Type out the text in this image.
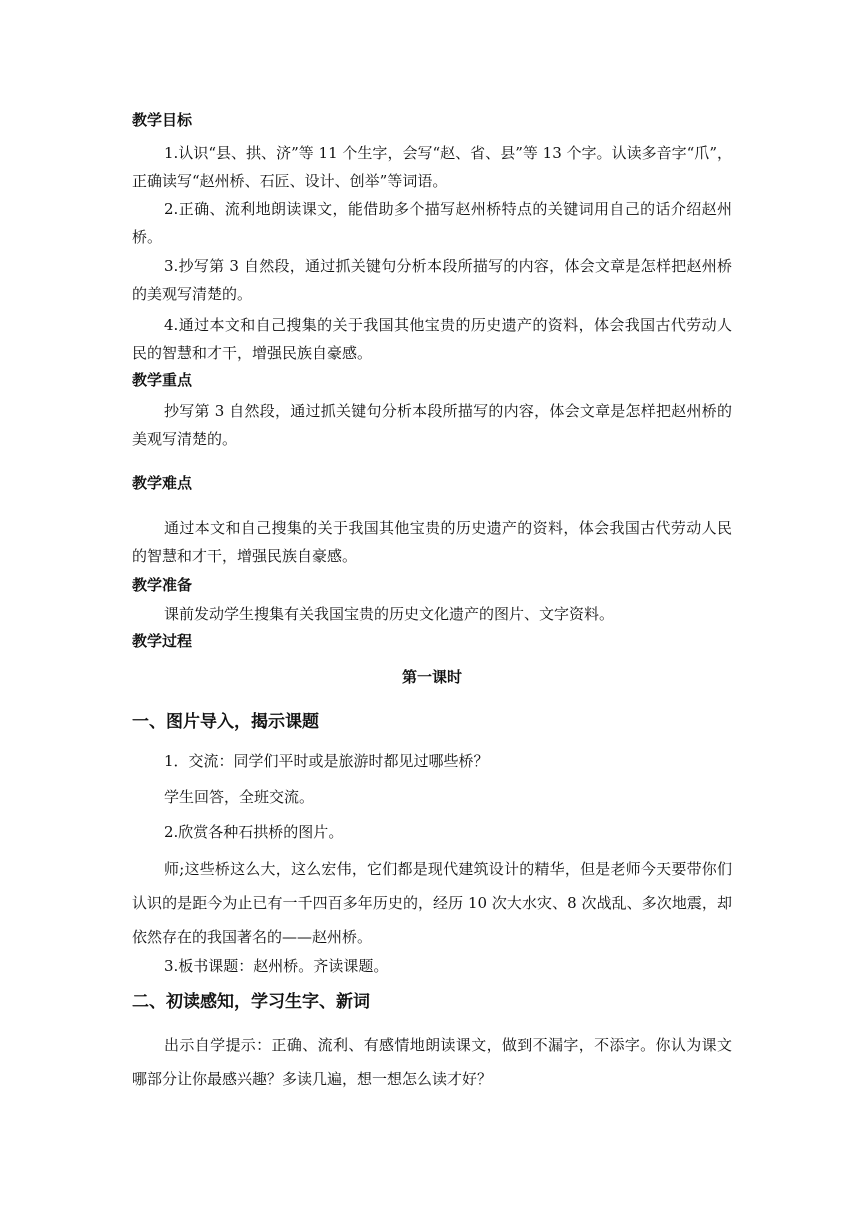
教学目标

1.认识“县、拱、济”等 11 个生字，会写“赵、省、县”等 13 个字。认读多音字“爪”，正确读写“赵州桥、石匠、设计、创举”等词语。

2.正确、流利地朗读课文，能借助多个描写赵州桥特点的关键词用自己的话介绍赵州桥。

3.抄写第 3 自然段，通过抓关键句分析本段所描写的内容，体会文章是怎样把赵州桥的美观写清楚的。

4.通过本文和自己搜集的关于我国其他宝贵的历史遗产的资料，体会我国古代劳动人民的智慧和才干，增强民族自豪感。

教学重点

抄写第 3 自然段，通过抓关键句分析本段所描写的内容，体会文章是怎样把赵州桥的美观写清楚的。

教学难点

通过本文和自己搜集的关于我国其他宝贵的历史遗产的资料，体会我国古代劳动人民的智慧和才干，增强民族自豪感。

教学准备

课前发动学生搜集有关我国宝贵的历史文化遗产的图片、文字资料。

教学过程
第一课时
一、图片导入，揭示课题

1．交流：同学们平时或是旅游时都见过哪些桥？

学生回答，全班交流。

2.欣赏各种石拱桥的图片。

师;这些桥这么大，这么宏伟，它们都是现代建筑设计的精华，但是老师今天要带你们认识的是距今为止已有一千四百多年历史的，经历 10 次大水灾、8 次战乱、多次地震，却依然存在的我国著名的——赵州桥。

3.板书课题：赵州桥。齐读课题。

二、初读感知，学习生字、新词

出示自学提示：正确、流利、有感情地朗读课文，做到不漏字，不添字。你认为课文哪部分让你最感兴趣？多读几遍，想一想怎么读才好？
